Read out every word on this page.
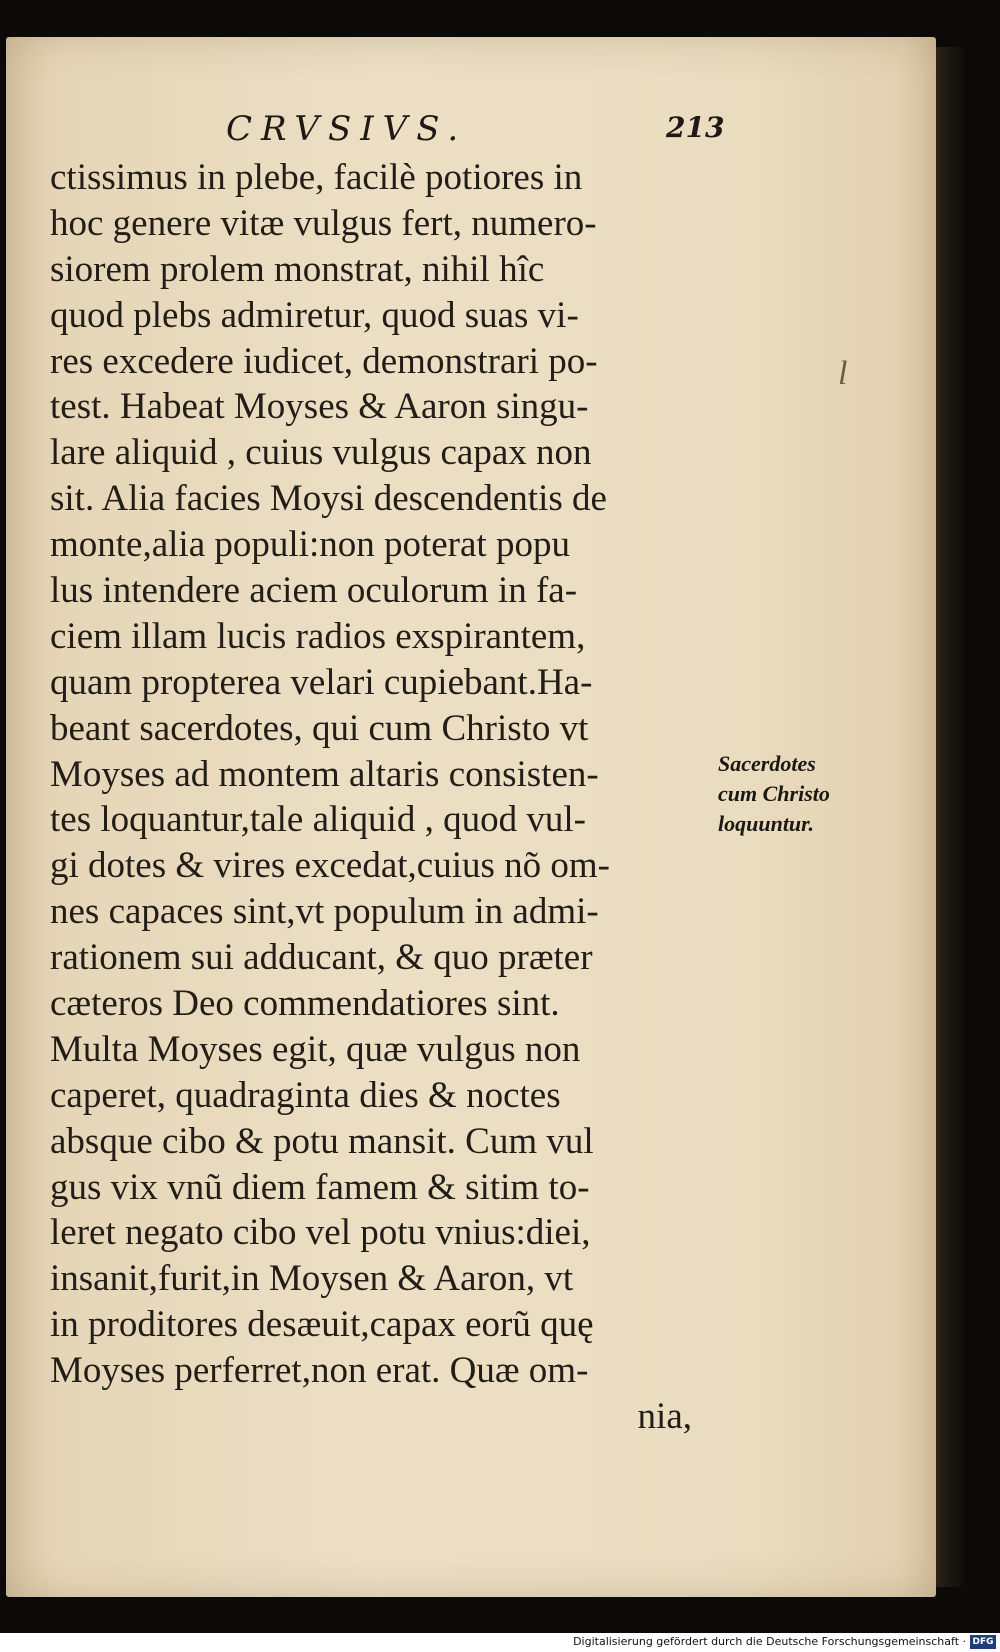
CRVSIVS.	213
ctissimus in plebe, facilè potiores in
hoc genere vitæ vulgus fert, numero-
siorem prolem monstrat, nihil hîc
quod plebs admiretur, quod suas vi-
res excedere iudicet, demonstrari po-
test. Habeat Moyses & Aaron singu-
lare aliquid , cuius vulgus capax non
sit. Alia facies Moysi descendentis de
monte,alia populi:non poterat popu
lus intendere aciem oculorum in fa-
ciem illam lucis radios exspirantem,
quam propterea velari cupiebant.Ha-
beant sacerdotes, qui cum Christo vt
Moyses ad montem altaris consisten-
tes loquantur,tale aliquid , quod vul-
gi dotes & vires excedat,cuius nõ om-
nes capaces sint,vt populum in admi-
rationem sui adducant, & quo præter
cæteros Deo commendatiores sint.
Multa Moyses egit, quæ vulgus non
caperet, quadraginta dies & noctes
absque cibo & potu mansit. Cum vul
gus vix vnũ diem famem & sitim to-
leret negato cibo vel potu vnius:diei,
insanit,furit,in Moysen & Aaron, vt
in proditores desæuit,capax eorũ quę
Moyses perferret,non erat. Quæ om-
nia,
l
Sacerdotes
cum Christo
loquuntur.
Digitalisierung gefördert durch die Deutsche Forschungsgemeinschaft · DFG
